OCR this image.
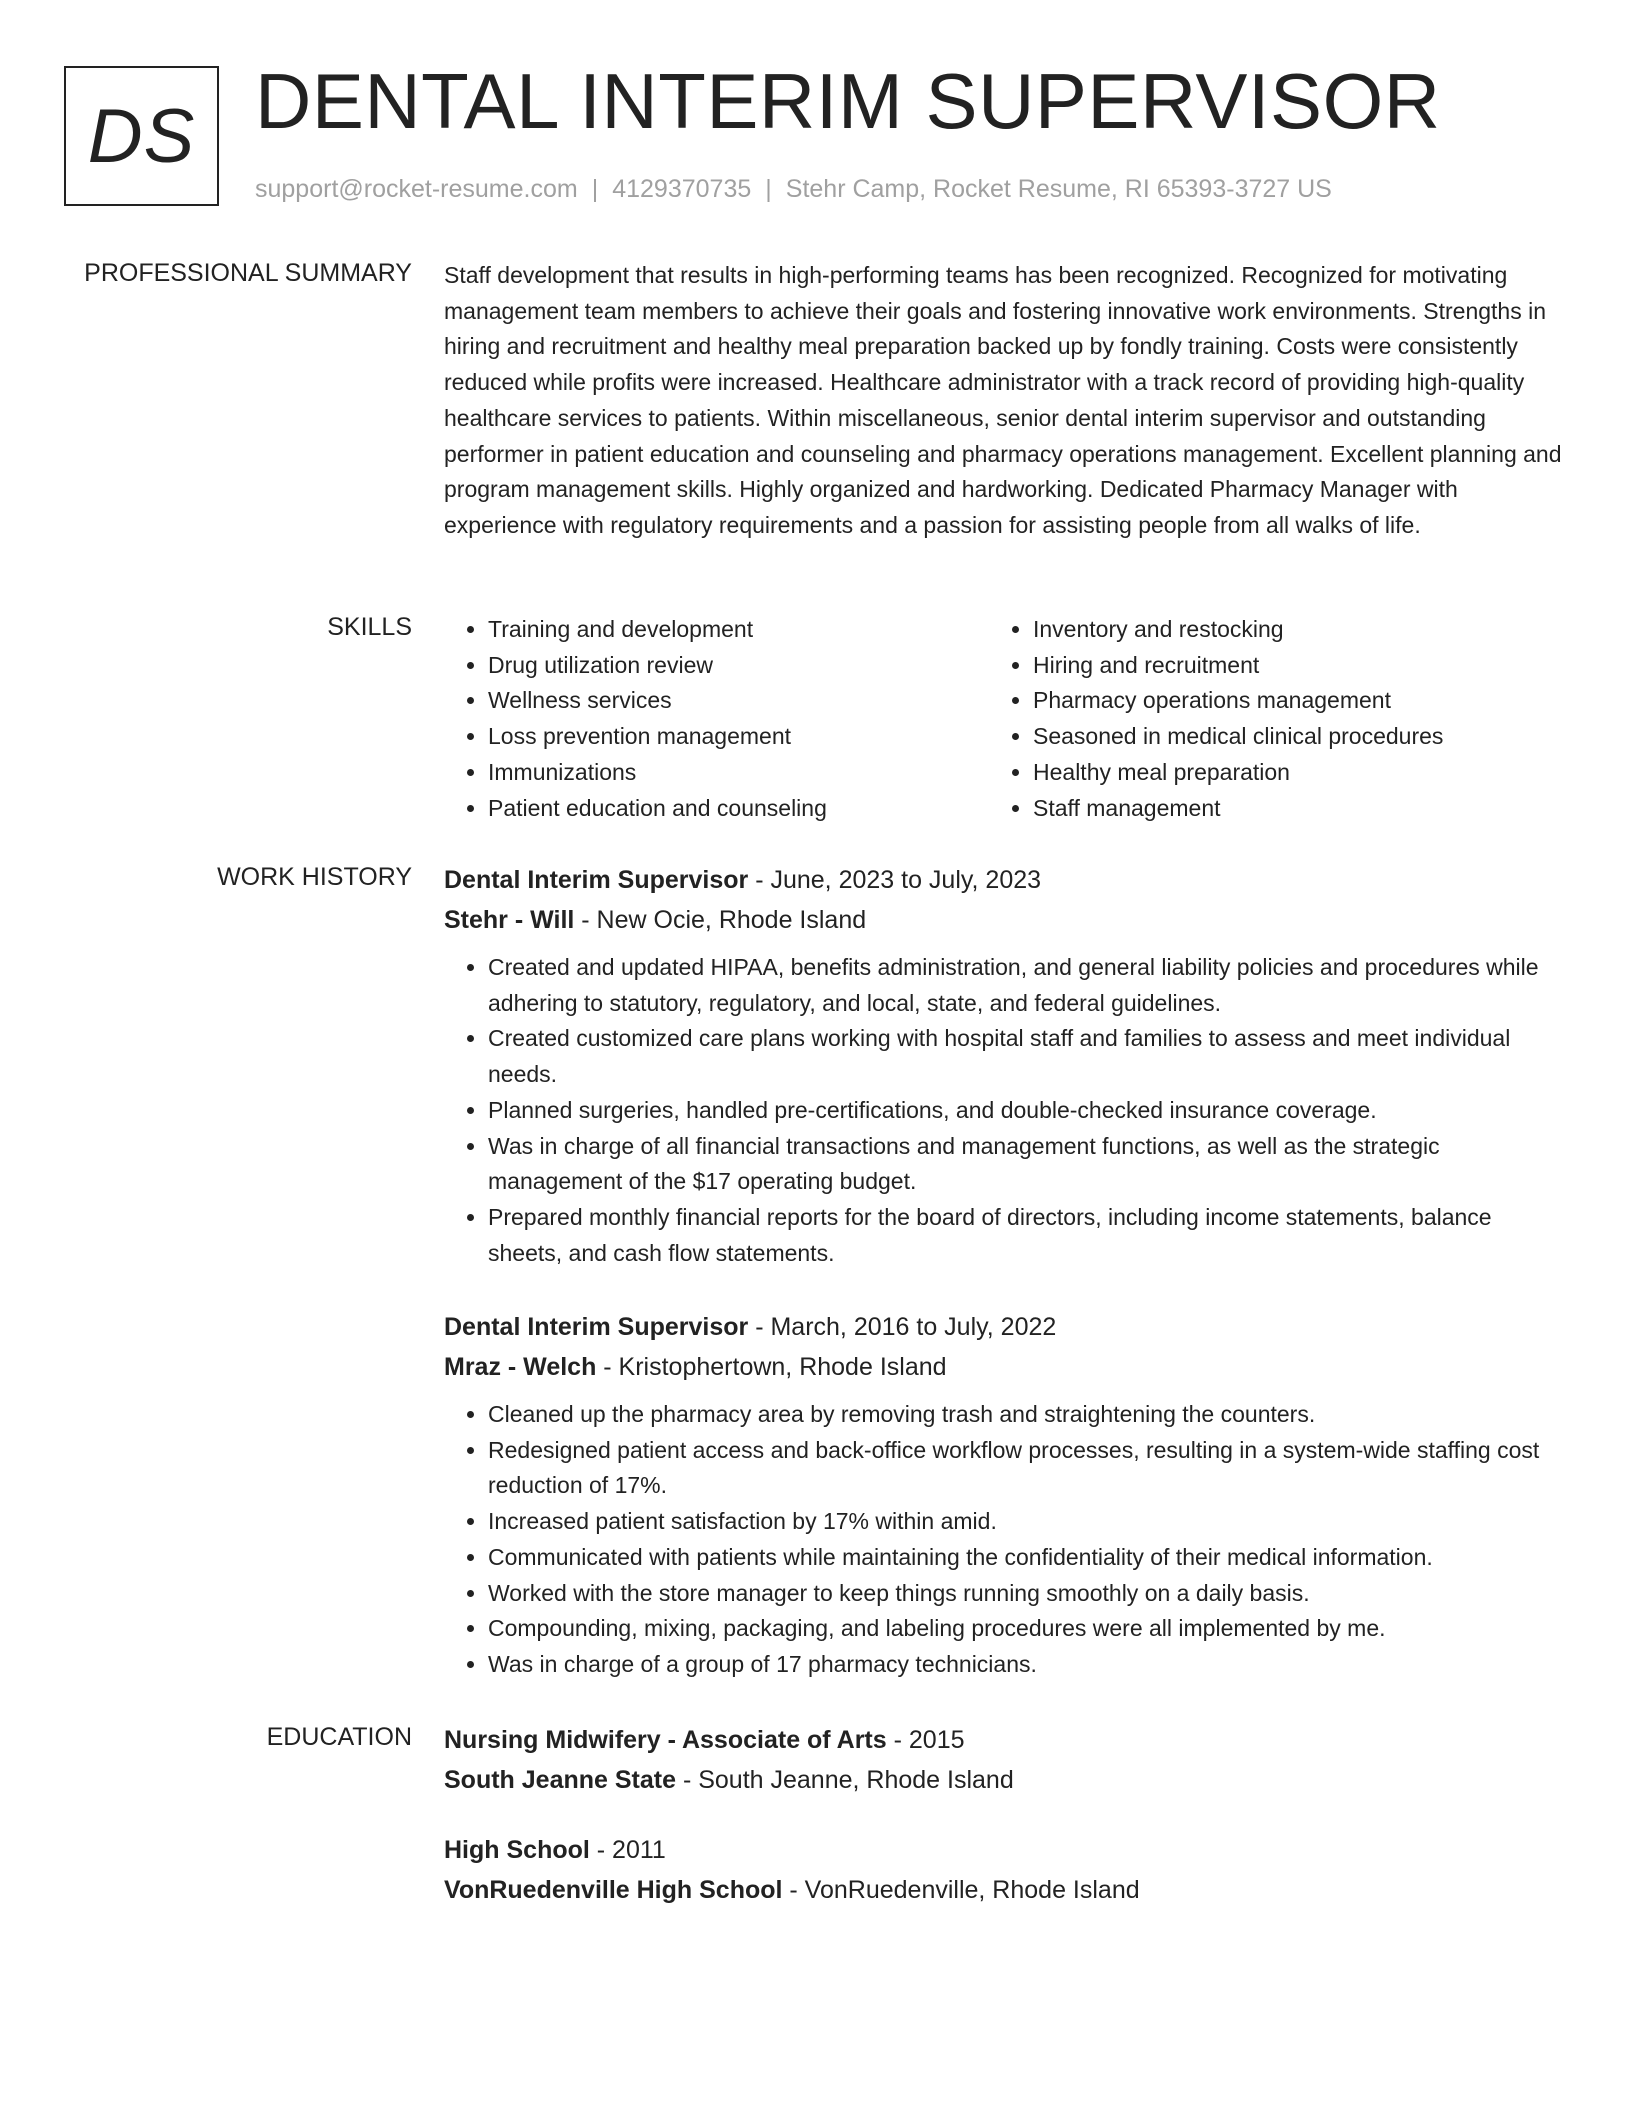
DS DENTAL INTERIM SUPERVISOR
support@rocket-resume.com | 4129370735 | Stehr Camp, Rocket Resume, RI 65393-3727 US
PROFESSIONAL SUMMARY Staff development that results in high-performing teams has been recognized. Recognized for motivating management team members to achieve their goals and fostering innovative work environments. Strengths in hiring and recruitment and healthy meal preparation backed up by fondly training. Costs were consistently reduced while profits were increased. Healthcare administrator with a track record of providing high-quality healthcare services to patients. Within miscellaneous, senior dental interim supervisor and outstanding performer in patient education and counseling and pharmacy operations management. Excellent planning and program management skills. Highly organized and hardworking. Dedicated Pharmacy Manager with experience with regulatory requirements and a passion for assisting people from all walks of life.

SKILLS
•	Training and development
• Drug utilization review
• Wellness services
• Loss prevention management
• Immunizations
• Patient education and counseling
• Inventory and restocking
• Hiring and recruitment
• Pharmacy operations management
• Seasoned in medical clinical procedures
• Healthy meal preparation
• Staff management
WORK HISTORY Dental Interim Supervisor - June, 2023 to July, 2023
Stehr - Will - New Ocie, Rhode Island
• Created and updated HIPAA, benefits administration, and general liability policies and procedures while adhering to statutory, regulatory, and local, state, and federal guidelines.
• Created customized care plans working with hospital staff and families to assess and meet individual needs.
• Planned surgeries, handled pre-certifications, and double-checked insurance coverage.
• Was in charge of all financial transactions and management functions, as well as the strategic management of the $17 operating budget.
• Prepared monthly financial reports for the board of directors, including income statements, balance sheets, and cash flow statements.
Dental Interim Supervisor - March, 2016 to July, 2022
Mraz - Welch - Kristophertown, Rhode Island
• Cleaned up the pharmacy area by removing trash and straightening the counters.
• Redesigned patient access and back-office workflow processes, resulting in a system-wide staffing cost reduction of 17%.
• Increased patient satisfaction by 17% within amid.
• Communicated with patients while maintaining the confidentiality of their medical information.
• Worked with the store manager to keep things running smoothly on a daily basis.
• Compounding, mixing, packaging, and labeling procedures were all implemented by me.
• Was in charge of a group of 17 pharmacy technicians.
EDUCATION Nursing Midwifery - Associate of Arts - 2015
South Jeanne State - South Jeanne, Rhode Island
High School - 2011
VonRuedenville High School - VonRuedenville, Rhode Island
